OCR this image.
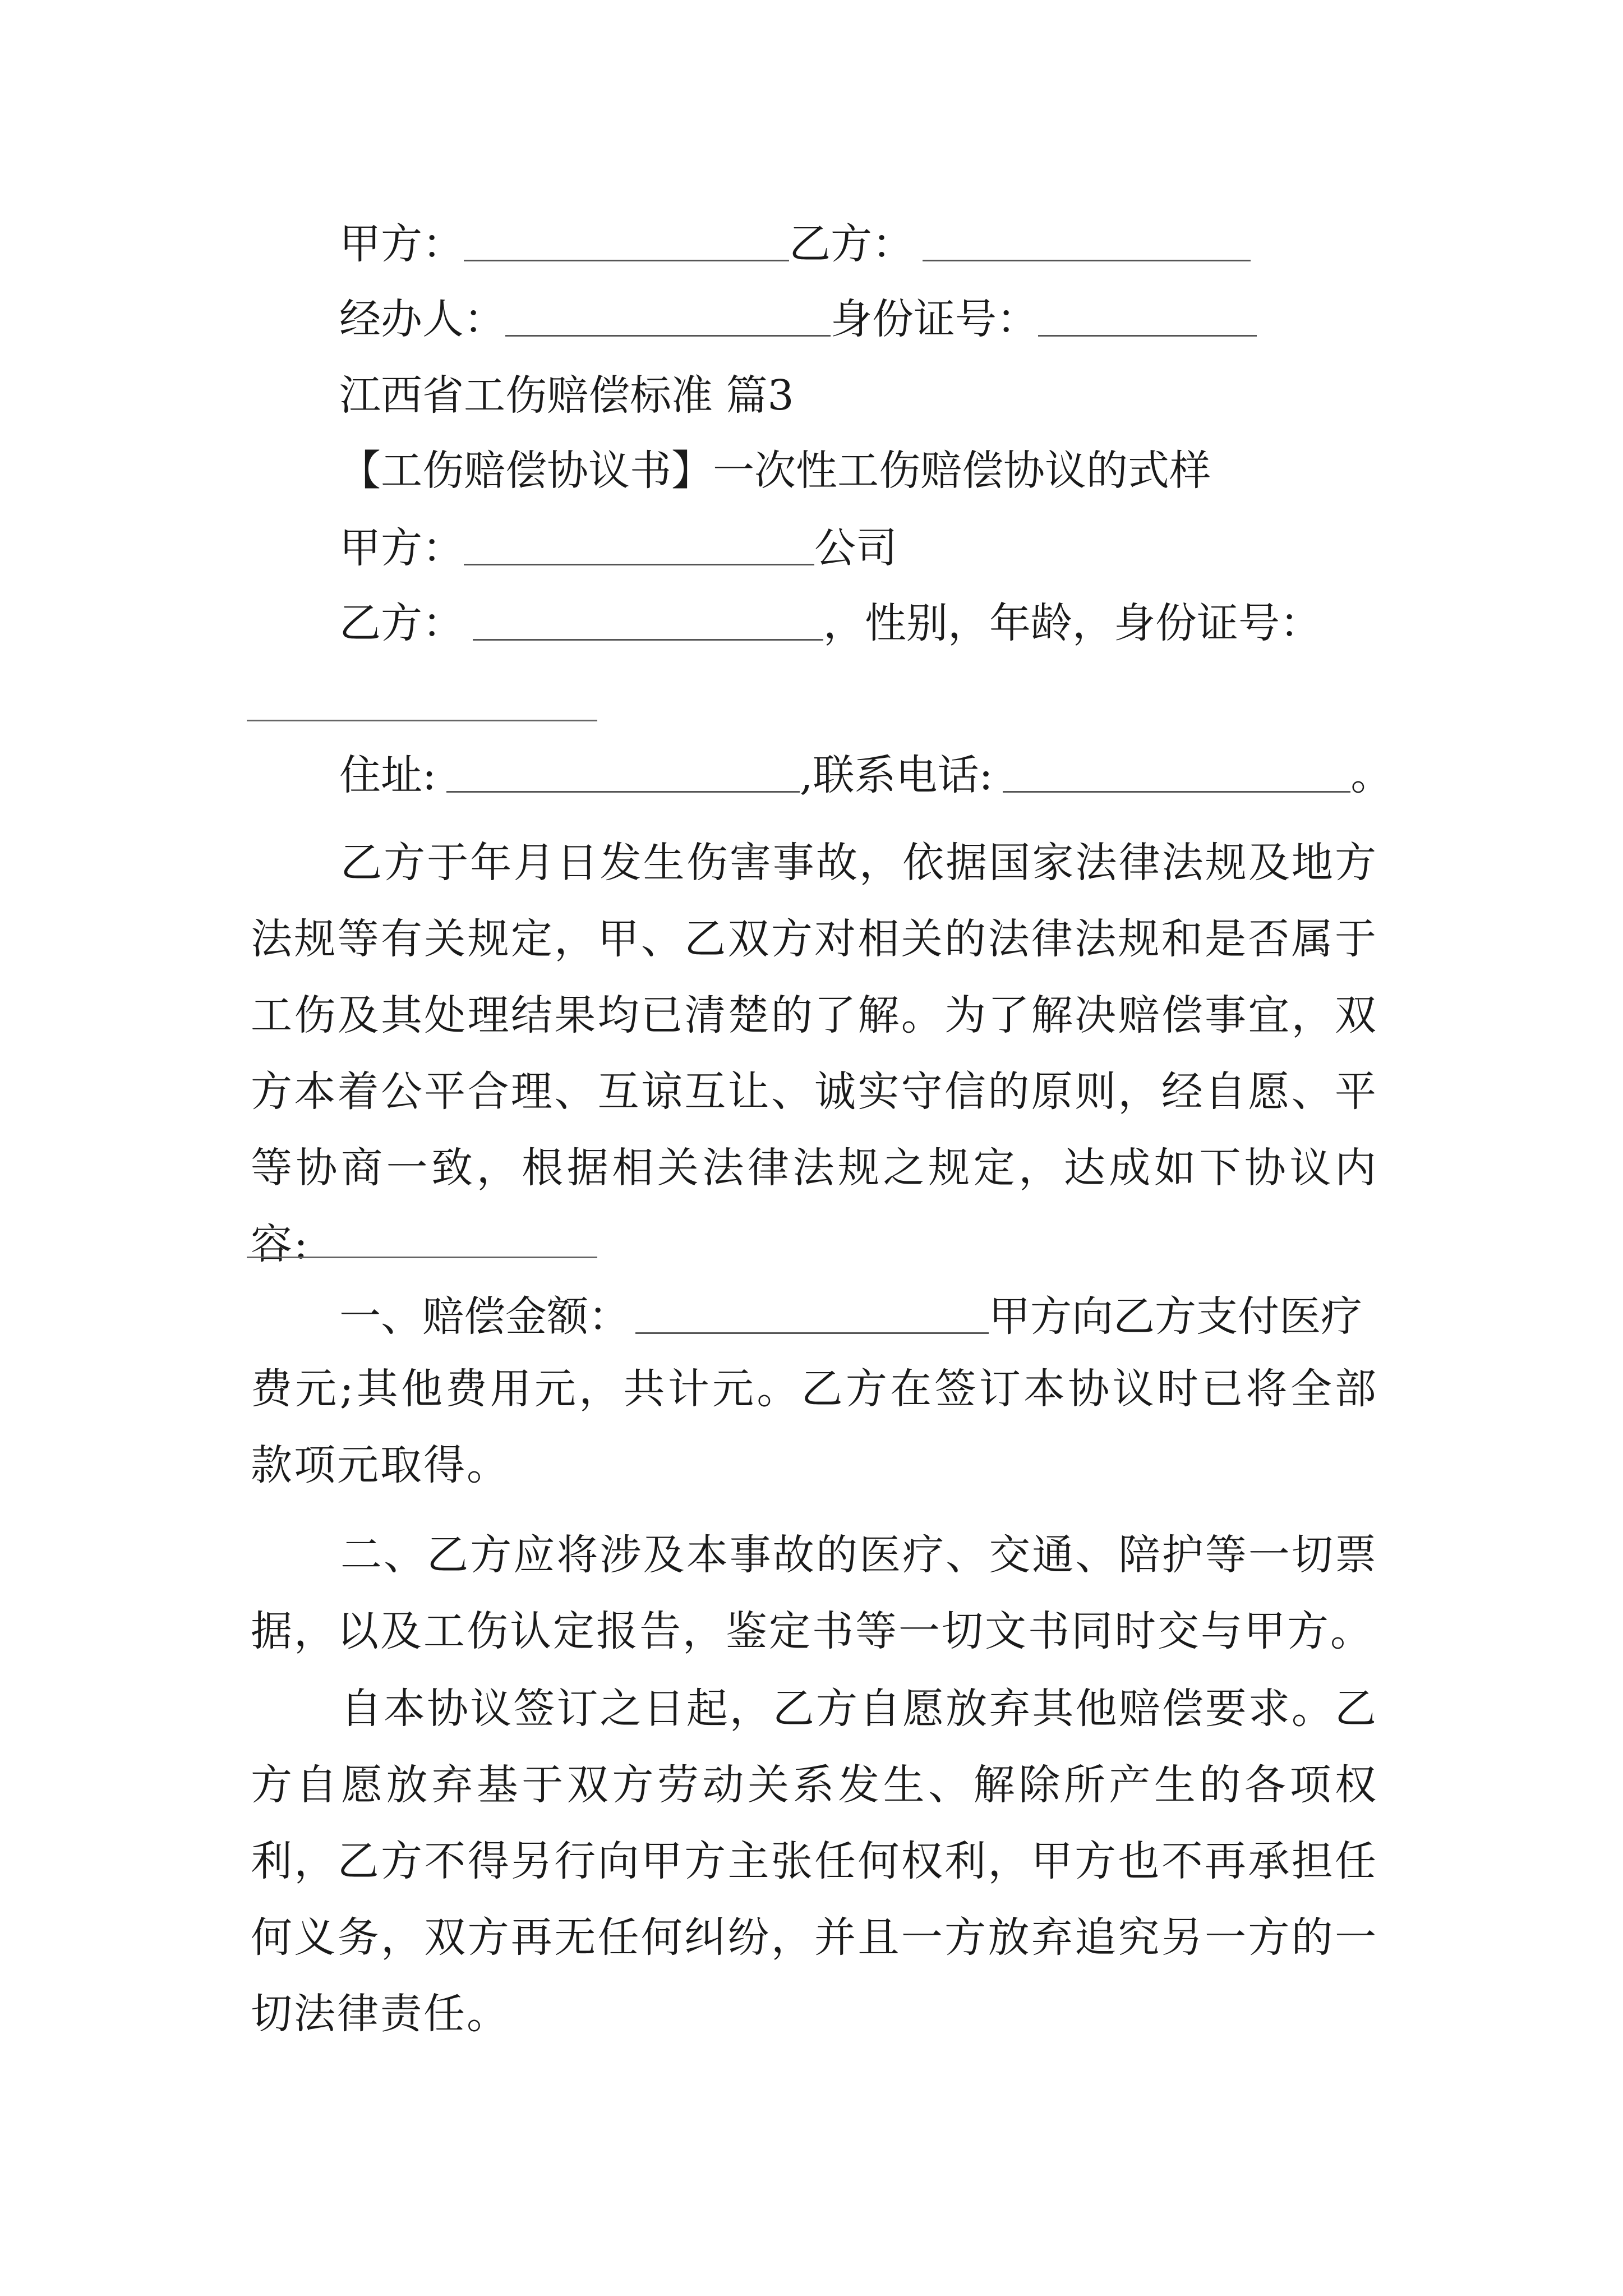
甲方：	乙方：
经办人：	身份证号：
江西省工伤赔偿标准 篇3
【工伤赔偿协议书】一次性工伤赔偿协议的式样
甲方：	公司
乙方：	，性别，年龄，身份证号：
住址:	,联系电话:	。
乙方于年月日发生伤害事故，依据国家法律法规及地方法规等有关规定，甲、乙双方对相关的法律法规和是否属于工伤及其处理结果均已清楚的了解。为了解决赔偿事宜，双方本着公平合理、互谅互让、诚实守信的原则，经自愿、平等协商一致，根据相关法律法规之规定，达成如下协议内容:
一、赔偿金额：	甲方向乙方支付医疗
费元;其他费用元，共计元。乙方在签订本协议时已将全部款项元取得。
二、乙方应将涉及本事故的医疗、交通、陪护等一切票据，以及工伤认定报告，鉴定书等一切文书同时交与甲方。
自本协议签订之日起，乙方自愿放弃其他赔偿要求。乙方自愿放弃基于双方劳动关系发生、解除所产生的各项权利，乙方不得另行向甲方主张任何权利，甲方也不再承担任何义务，双方再无任何纠纷，并且一方放弃追究另一方的一切法律责任。
